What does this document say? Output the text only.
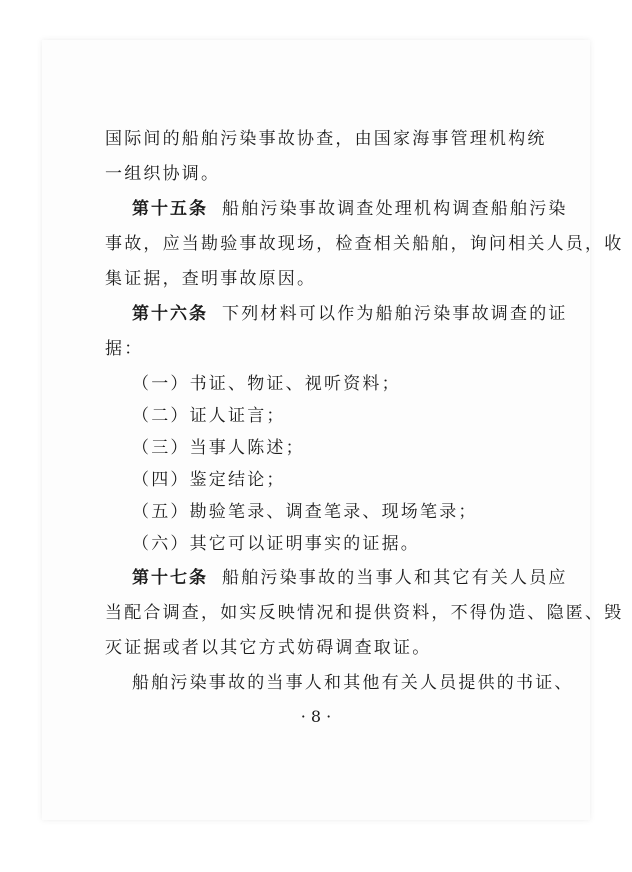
国际间的船舶污染事故协查，由国家海事管理机构统
一组织协调。
第十五条 船舶污染事故调查处理机构调查船舶污染
事故，应当勘验事故现场，检查相关船舶，询问相关人员，收
集证据，查明事故原因。
第十六条 下列材料可以作为船舶污染事故调查的证
据：
（一）书证、物证、视听资料；
（二）证人证言；
（三）当事人陈述；
（四）鉴定结论；
（五）勘验笔录、调查笔录、现场笔录；
（六）其它可以证明事实的证据。
第十七条 船舶污染事故的当事人和其它有关人员应
当配合调查，如实反映情况和提供资料，不得伪造、隐匿、毁
灭证据或者以其它方式妨碍调查取证。
船舶污染事故的当事人和其他有关人员提供的书证、
· 8 ·
